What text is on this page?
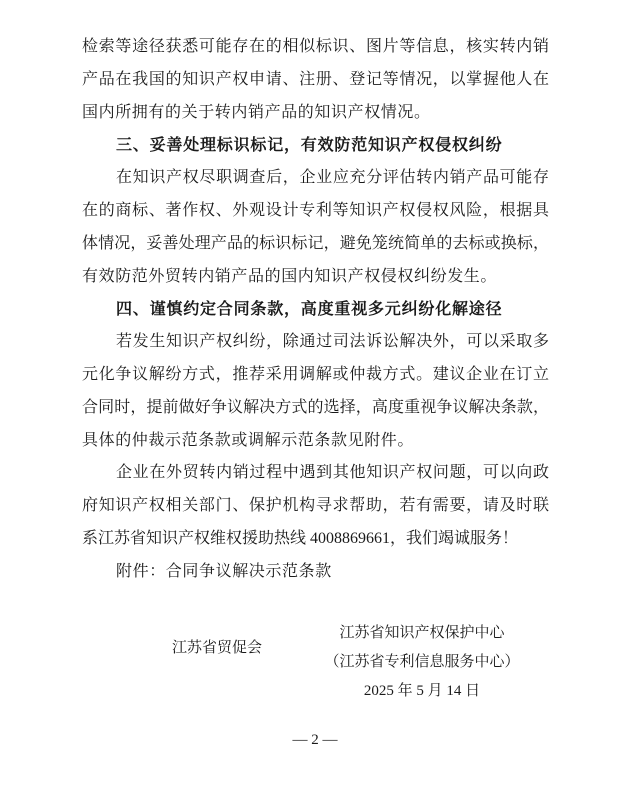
检索等途径获悉可能存在的相似标识、图片等信息，核实转内销
产品在我国的知识产权申请、注册、登记等情况，以掌握他人在
国内所拥有的关于转内销产品的知识产权情况。
三、妥善处理标识标记，有效防范知识产权侵权纠纷
在知识产权尽职调查后，企业应充分评估转内销产品可能存
在的商标、著作权、外观设计专利等知识产权侵权风险，根据具
体情况，妥善处理产品的标识标记，避免笼统简单的去标或换标，
有效防范外贸转内销产品的国内知识产权侵权纠纷发生。
四、谨慎约定合同条款，高度重视多元纠纷化解途径
若发生知识产权纠纷，除通过司法诉讼解决外，可以采取多
元化争议解纷方式，推荐采用调解或仲裁方式。建议企业在订立
合同时，提前做好争议解决方式的选择，高度重视争议解决条款，
具体的仲裁示范条款或调解示范条款见附件。
企业在外贸转内销过程中遇到其他知识产权问题，可以向政
府知识产权相关部门、保护机构寻求帮助，若有需要，请及时联
系江苏省知识产权维权援助热线 4008869661，我们竭诚服务！
附件：合同争议解决示范条款
江苏省贸促会
江苏省知识产权保护中心
（江苏省专利信息服务中心）
2025 年 5 月 14 日
— 2 —
